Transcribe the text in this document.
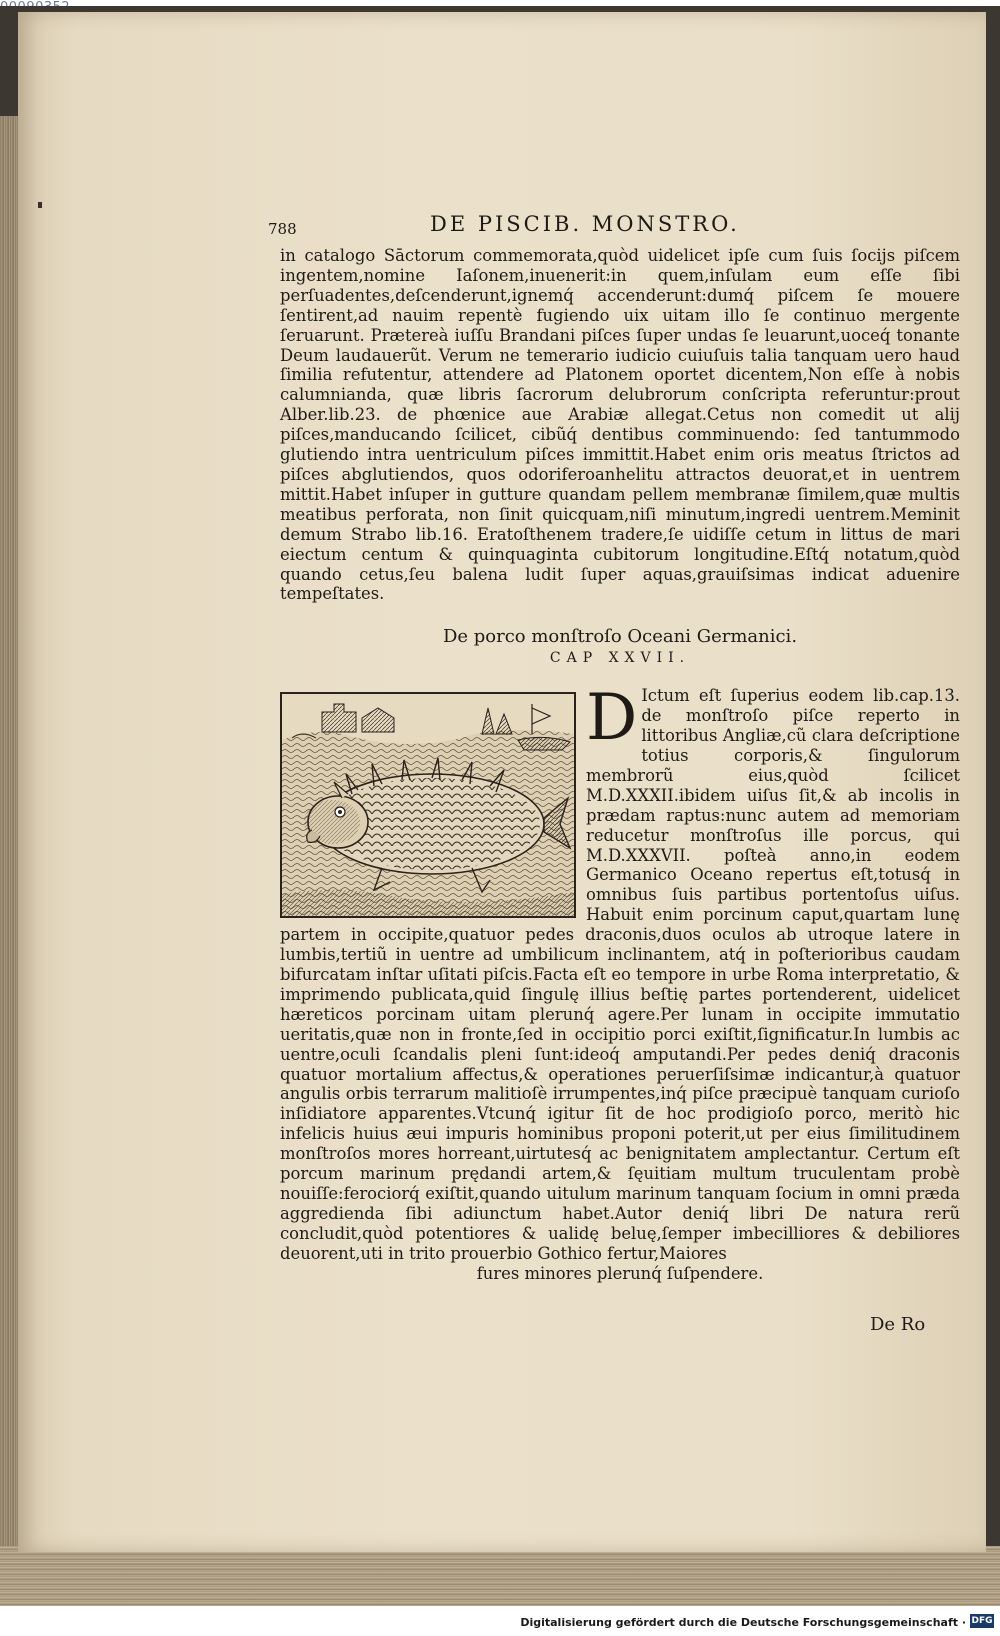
788	DE PISCIB. MONSTRO.

in catalogo Sāctorum commemorata,quòd uidelicet ipſe cum ſuis ſocijs piſcem ingentem,nomine Iaſonem,inuenerit:in quem,inſulam eum eſſe ſibi perſuadentes,deſcenderunt,ignemq́ accenderunt:dumq́ piſcem ſe mouere ſentirent,ad nauim repentè fugiendo uix uitam illo ſe continuo mergente ſeruarunt. Prætereà iuſſu Brandani piſces ſuper undas ſe leuarunt,uoceq́ tonante Deum laudauerũt. Verum ne temerario iudicio cuiuſuis talia tanquam uero haud ſimilia refutentur, attendere ad Platonem oportet dicentem,Non eſſe à nobis calumnianda, quæ libris ſacrorum delubrorum conſcripta referuntur:prout Alber.lib.23. de phœnice aue Arabiæ allegat.Cetus non comedit ut alij piſces,manducando ſcilicet, cibũq́ dentibus comminuendo: ſed tantummodo glutiendo intra uentriculum piſces immittit.Habet enim oris meatus ſtrictos ad piſces abglutiendos, quos odoriferoanhelitu attractos deuorat,et in uentrem mittit.Habet inſuper in gutture quandam pellem membranæ ſimilem,quæ multis meatibus perforata, non ſinit quicquam,niſi minutum,ingredi uentrem.Meminit demum Strabo lib.16. Eratoſthenem tradere,ſe uidiſſe cetum in littus de mari eiectum centum & quinquaginta cubitorum longitudine.Eſtq́ notatum,quòd quando cetus,ſeu balena ludit ſuper aquas,grauiſsimas indicat aduenire tempeſtates.

De porco monſtroſo Oceani Germanici.

CAP XXVII.

D Ictum eſt ſuperius eodem lib.cap.13. de monſtroſo piſce reperto in littoribus Angliæ,cũ clara deſcriptione totius corporis,& ſingulorum membrorũ eius,quòd ſcilicet M.D.XXXII.ibidem uiſus ſit,& ab incolis in prædam raptus:nunc autem ad memoriam reducetur monſtroſus ille porcus, qui M.D.XXXVII. poſteà anno,in eodem Germanico Oceano repertus eſt,totusq́ in omnibus ſuis partibus portentoſus uiſus. Habuit enim porcinum caput,quartam lunę partem in occipite,quatuor pedes draconis,duos oculos ab utroque latere in lumbis,tertiũ in uentre ad umbilicum inclinantem, atq́ in poſterioribus caudam bifurcatam inſtar uſitati piſcis.Facta eſt eo tempore in urbe Roma interpretatio, & imprimendo publicata,quid ſingulę illius beſtię partes portenderent, uidelicet hæreticos porcinam uitam plerunq́ agere.Per lunam in occipite immutatio ueritatis,quæ non in fronte,ſed in occipitio porci exiſtit,ſignificatur.In lumbis ac uentre,oculi ſcandalis pleni ſunt:ideoq́ amputandi.Per pedes deniq́ draconis quatuor mortalium affectus,& operationes peruerſiſsimæ indicantur,à quatuor angulis orbis terrarum malitioſè irrumpentes,inq́ piſce præcipuè tanquam curioſo inſidiatore apparentes.Vtcunq́ igitur ſit de hoc prodigioſo porco, meritò hic infelicis huius æui impuris hominibus proponi poterit,ut per eius ſimilitudinem monſtroſos mores horreant,uirtutesq́ ac benignitatem amplectantur. Certum eſt porcum marinum prędandi artem,& ſęuitiam multum truculentam probè nouiſſe:ferociorq́ exiſtit,quando uitulum marinum tanquam ſocium in omni præda aggredienda ſibi adiunctum habet.Autor deniq́ libri De natura rerũ concludit,quòd potentiores & ualidę beluę,ſemper imbecilliores & debiliores deuorent,uti in trito prouerbio Gothico fertur,Maiores

fures minores plerunq́ ſuſpendere.

De Ro
Digitalisierung gefördert durch die Deutsche Forschungsgemeinschaft · DFG
